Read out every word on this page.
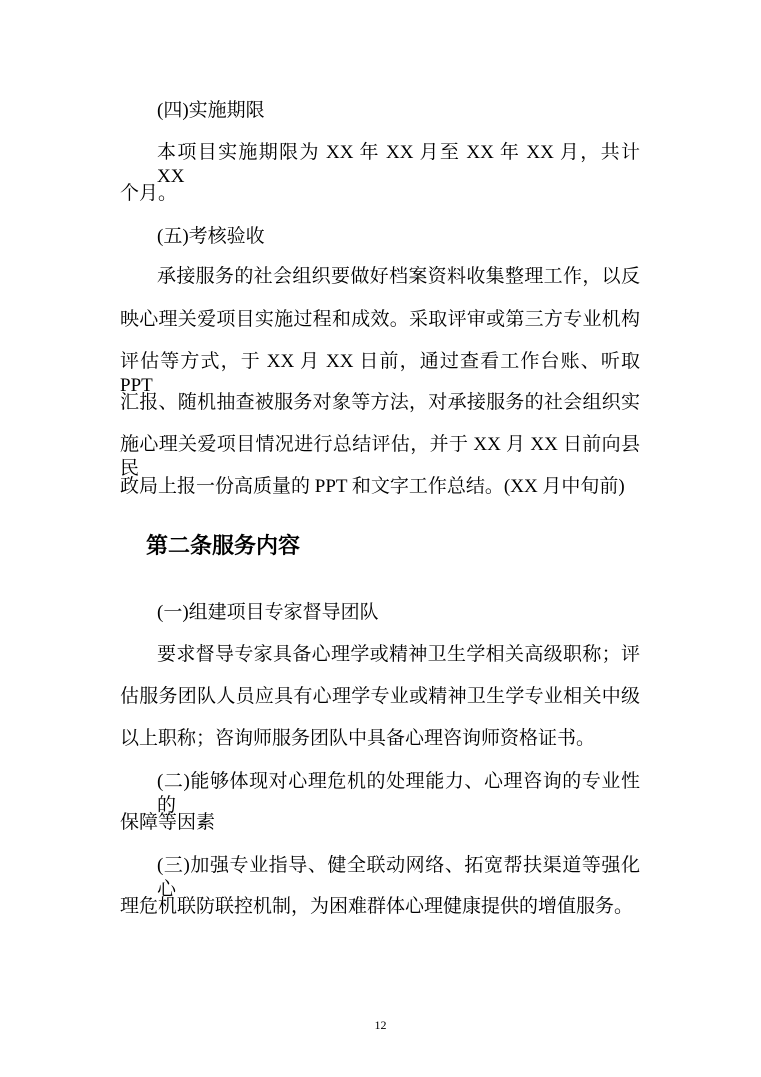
(四)实施期限
本项目实施期限为 XX 年 XX 月至 XX 年 XX 月，共计 XX
个月。
(五)考核验收
承接服务的社会组织要做好档案资料收集整理工作，以反
映心理关爱项目实施过程和成效。采取评审或第三方专业机构
评估等方式，于 XX 月 XX 日前，通过查看工作台账、听取 PPT
汇报、随机抽查被服务对象等方法，对承接服务的社会组织实
施心理关爱项目情况进行总结评估，并于 XX 月 XX 日前向县民
政局上报一份高质量的 PPT 和文字工作总结。(XX 月中旬前)
第二条服务内容
(一)组建项目专家督导团队
要求督导专家具备心理学或精神卫生学相关高级职称；评
估服务团队人员应具有心理学专业或精神卫生学专业相关中级
以上职称；咨询师服务团队中具备心理咨询师资格证书。
(二)能够体现对心理危机的处理能力、心理咨询的专业性的
保障等因素
(三)加强专业指导、健全联动网络、拓宽帮扶渠道等强化心
理危机联防联控机制，为困难群体心理健康提供的增值服务。
12
